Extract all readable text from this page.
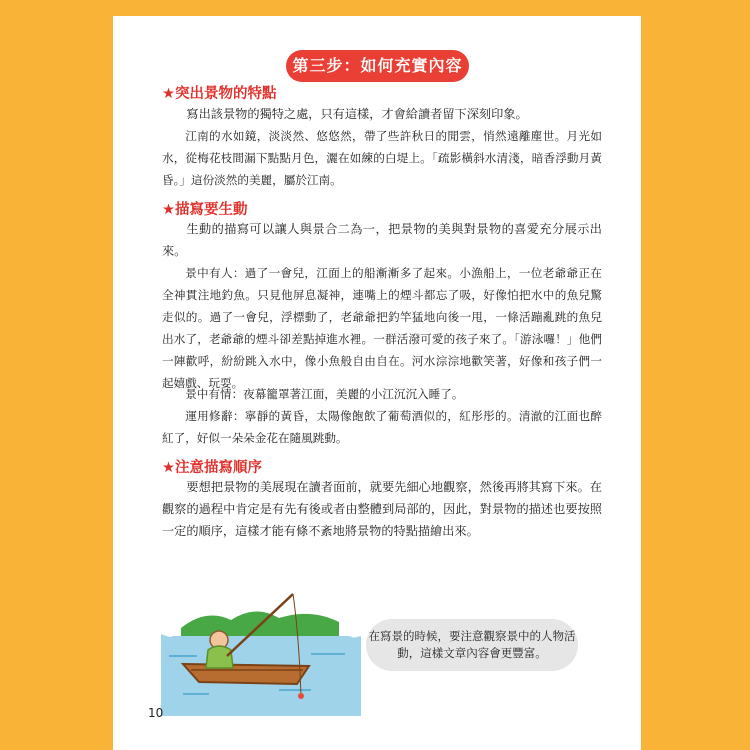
第三步：如何充實內容
★突出景物的特點
寫出該景物的獨特之處，只有這樣，才會給讀者留下深刻印象。
江南的水如鏡，淡淡然、悠悠然，帶了些許秋日的閒雲，悄然遠離塵世。月光如水，從梅花枝間漏下點點月色，灑在如練的白堤上。「疏影橫斜水清淺，暗香浮動月黃昏。」這份淡然的美麗，屬於江南。
★描寫要生動
生動的描寫可以讓人與景合二為一，把景物的美與對景物的喜愛充分展示出來。
景中有人：過了一會兒，江面上的船漸漸多了起來。小漁船上，一位老爺爺正在全神貫注地釣魚。只見他屏息凝神，連嘴上的煙斗都忘了吸，好像怕把水中的魚兒驚走似的。過了一會兒，浮標動了，老爺爺把釣竿猛地向後一甩，一條活蹦亂跳的魚兒出水了，老爺爺的煙斗卻差點掉進水裡。一群活潑可愛的孩子來了。「游泳囉！」他們一陣歡呼，紛紛跳入水中，像小魚般自由自在。河水淙淙地歡笑著，好像和孩子們一起嬉戲、玩耍。
景中有情：夜幕籠罩著江面，美麗的小江沉沉入睡了。
運用修辭：寧靜的黃昏，太陽像飽飲了葡萄酒似的，紅彤彤的。清澈的江面也醉紅了，好似一朵朵金花在隨風跳動。
★注意描寫順序
要想把景物的美展現在讀者面前，就要先細心地觀察，然後再將其寫下來。在觀察的過程中肯定是有先有後或者由整體到局部的，因此，對景物的描述也要按照一定的順序，這樣才能有條不紊地將景物的特點描繪出來。
在寫景的時候，要注意觀察景中的人物活動，這樣文章內容會更豐富。
10
